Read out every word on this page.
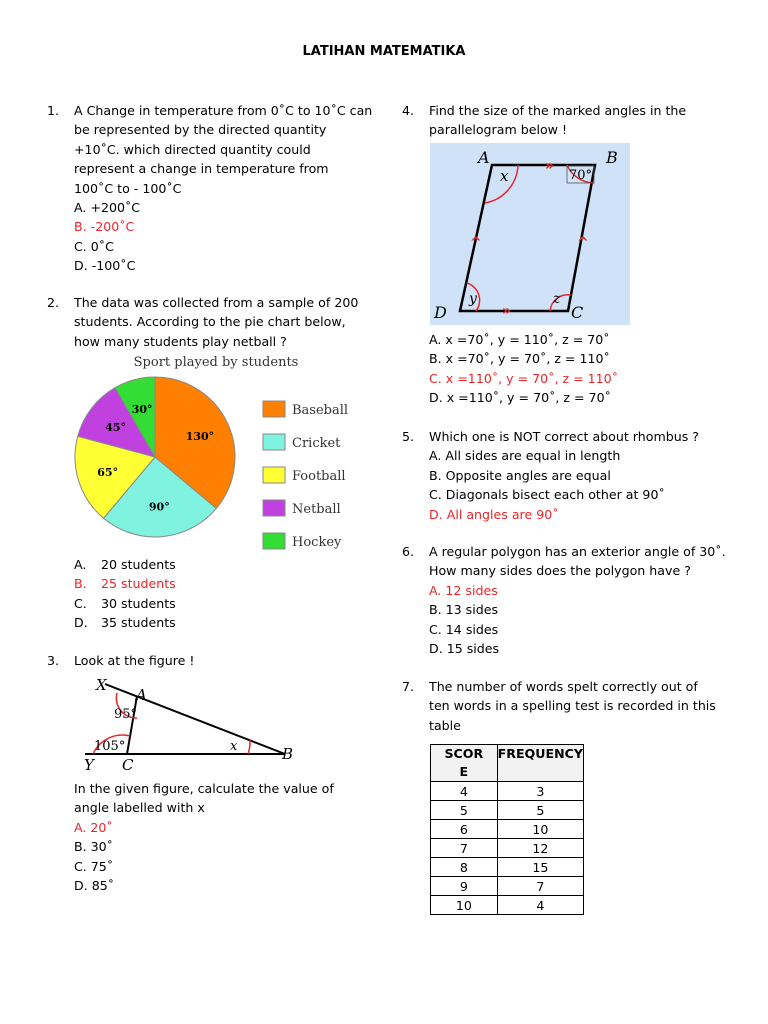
LATIHAN MATEMATIKA
1. A Change in temperature from 0˚C to 10˚C can
be represented by the directed quantity
+10˚C. which directed quantity could
represent a change in temperature from
100˚C to - 100˚C
A. +200˚C
B. -200˚C
C. 0˚C
D. -100˚C
2. The data was collected from a sample of 200
students. According to the pie chart below,
how many students play netball ?
Sport played by students
130°
90°
65°
45°
30°	Baseball
Cricket
Football
Netball
Hockey
A. 20 students
B. 25 students
C. 30 students
D. 35 students
3. Look at the figure !
X
A
95°
105°	x
Y C
B
In the given figure, calculate the value of
angle labelled with x
A. 20˚
B. 30˚
C. 75˚
D. 85˚
4. Find the size of the marked angles in the
parallelogram below !
»
»
^	^
A	B
x	70°
y	z
D	C
A. x =70˚, y = 110˚, z = 70˚
B. x =70˚, y = 70˚, z = 110˚
C. x =110˚, y = 70˚, z = 110˚
D. x =110˚, y = 70˚, z = 70˚
5. Which one is NOT correct about rhombus ?
A. All sides are equal in length
B. Opposite angles are equal
C. Diagonals bisect each other at 90˚
D. All angles are 90˚
6. A regular polygon has an exterior angle of 30˚.
How many sides does the polygon have ?
A. 12 sides
B. 13 sides
C. 14 sides
D. 15 sides
7. The number of words spelt correctly out of
ten words in a spelling test is recorded in this
table
SCOR E	FREQUENCY
4	3
5	5
6	10
7	12
8	15
9	7
10	4
